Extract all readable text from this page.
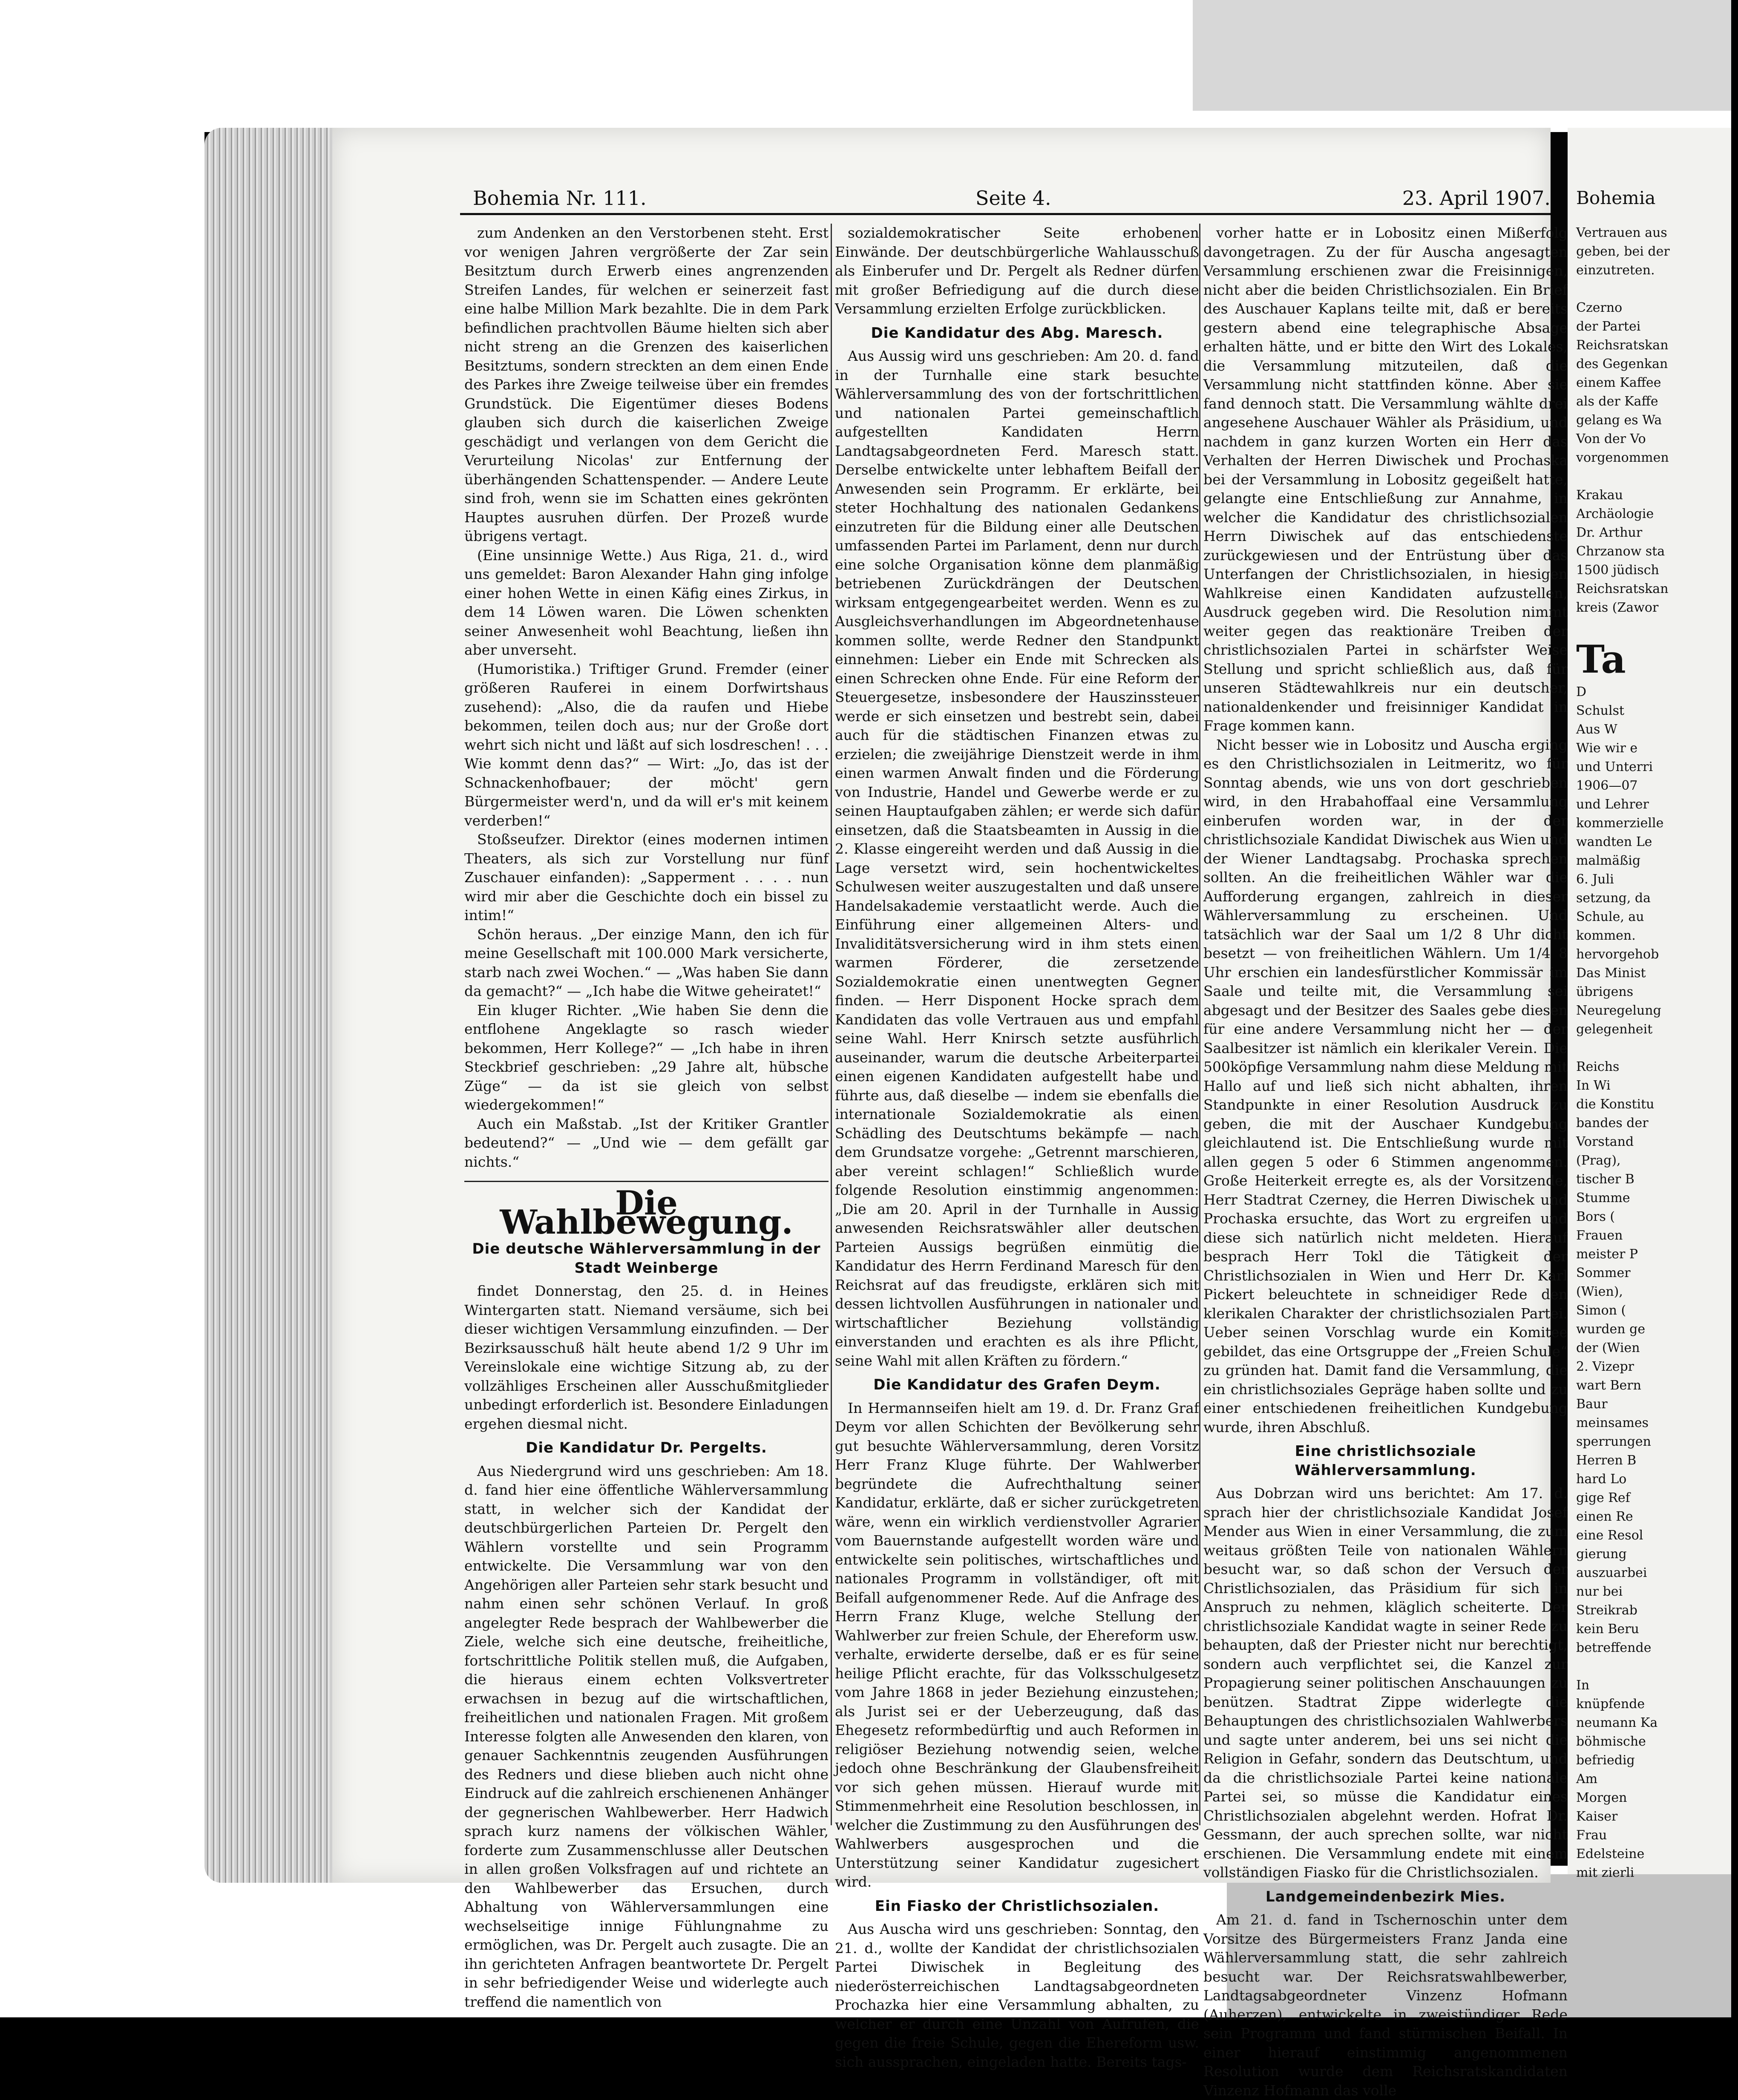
Bohemia Nr. 111.	Seite 4.	23. April 1907.

zum Andenken an den Verstorbenen steht. Erst vor wenigen Jahren vergrößerte der Zar sein Besitztum durch Erwerb eines angrenzenden Streifen Landes, für welchen er seinerzeit fast eine halbe Million Mark bezahlte. Die in dem Park befindlichen prachtvollen Bäume hielten sich aber nicht streng an die Grenzen des kaiserlichen Besitztums, sondern streckten an dem einen Ende des Parkes ihre Zweige teilweise über ein fremdes Grundstück. Die Eigentümer dieses Bodens glauben sich durch die kaiserlichen Zweige geschädigt und verlangen von dem Gericht die Verurteilung Nicolas' zur Entfernung der überhängenden Schattenspender. — Andere Leute sind froh, wenn sie im Schatten eines gekrönten Hauptes ausruhen dürfen. Der Prozeß wurde übrigens vertagt.

(Eine unsinnige Wette.) Aus Riga, 21. d., wird uns gemeldet: Baron Alexander Hahn ging infolge einer hohen Wette in einen Käfig eines Zirkus, in dem 14 Löwen waren. Die Löwen schenkten seiner Anwesenheit wohl Beachtung, ließen ihn aber unverseht.

(Humoristika.) Triftiger Grund. Fremder (einer größeren Rauferei in einem Dorfwirtshaus zusehend): „Also, die da raufen und Hiebe bekommen, teilen doch aus; nur der Große dort wehrt sich nicht und läßt auf sich losdreschen! . . . Wie kommt denn das?“ — Wirt: „Jo, das ist der Schnackenhofbauer; der möcht' gern Bürgermeister werd'n, und da will er's mit keinem verderben!“

Stoßseufzer. Direktor (eines modernen intimen Theaters, als sich zur Vorstellung nur fünf Zuschauer einfanden): „Sapperment . . . . nun wird mir aber die Geschichte doch ein bissel zu intim!“

Schön heraus. „Der einzige Mann, den ich für meine Gesellschaft mit 100.000 Mark versicherte, starb nach zwei Wochen.“ — „Was haben Sie dann da gemacht?“ — „Ich habe die Witwe geheiratet!“

Ein kluger Richter. „Wie haben Sie denn die entflohene Angeklagte so rasch wieder bekommen, Herr Kollege?“ — „Ich habe in ihren Steckbrief geschrieben: „29 Jahre alt, hübsche Züge“ — da ist sie gleich von selbst wiedergekommen!“

Auch ein Maßstab. „Ist der Kritiker Grantler bedeutend?“ — „Und wie — dem gefällt gar nichts.“

Die Wahlbewegung.
Die deutsche Wählerversammlung in der Stadt Weinberge

findet Donnerstag, den 25. d. in Heines Wintergarten statt. Niemand versäume, sich bei dieser wichtigen Versammlung einzufinden. — Der Bezirksausschuß hält heute abend 1/2 9 Uhr im Vereinslokale eine wichtige Sitzung ab, zu der vollzähliges Erscheinen aller Ausschußmitglieder unbedingt erforderlich ist. Besondere Einladungen ergehen diesmal nicht.

Die Kandidatur Dr. Pergelts.

Aus Niedergrund wird uns geschrieben: Am 18. d. fand hier eine öffentliche Wählerversammlung statt, in welcher sich der Kandidat der deutschbürgerlichen Parteien Dr. Pergelt den Wählern vorstellte und sein Programm entwickelte. Die Versammlung war von den Angehörigen aller Parteien sehr stark besucht und nahm einen sehr schönen Verlauf. In groß angelegter Rede besprach der Wahlbewerber die Ziele, welche sich eine deutsche, freiheitliche, fortschrittliche Politik stellen muß, die Aufgaben, die hieraus einem echten Volksvertreter erwachsen in bezug auf die wirtschaftlichen, freiheitlichen und nationalen Fragen. Mit großem Interesse folgten alle Anwesenden den klaren, von genauer Sachkenntnis zeugenden Ausführungen des Redners und diese blieben auch nicht ohne Eindruck auf die zahlreich erschienenen Anhänger der gegnerischen Wahlbewerber. Herr Hadwich sprach kurz namens der völkischen Wähler, forderte zum Zusammenschlusse aller Deutschen in allen großen Volksfragen auf und richtete an den Wahlbewerber das Ersuchen, durch Abhaltung von Wählerversammlungen eine wechselseitige innige Fühlungnahme zu ermöglichen, was Dr. Pergelt auch zusagte. Die an ihn gerichteten Anfragen beantwortete Dr. Pergelt in sehr befriedigender Weise und widerlegte auch treffend die namentlich von

sozialdemokratischer Seite erhobenen Einwände. Der deutschbürgerliche Wahlausschuß als Einberufer und Dr. Pergelt als Redner dürfen mit großer Befriedigung auf die durch diese Versammlung erzielten Erfolge zurückblicken.

Die Kandidatur des Abg. Maresch.

Aus Aussig wird uns geschrieben: Am 20. d. fand in der Turnhalle eine stark besuchte Wählerversammlung des von der fortschrittlichen und nationalen Partei gemeinschaftlich aufgestellten Kandidaten Herrn Landtagsabgeordneten Ferd. Maresch statt. Derselbe entwickelte unter lebhaftem Beifall der Anwesenden sein Programm. Er erklärte, bei steter Hochhaltung des nationalen Gedankens einzutreten für die Bildung einer alle Deutschen umfassenden Partei im Parlament, denn nur durch eine solche Organisation könne dem planmäßig betriebenen Zurückdrängen der Deutschen wirksam entgegengearbeitet werden. Wenn es zu Ausgleichsverhandlungen im Abgeordnetenhause kommen sollte, werde Redner den Standpunkt einnehmen: Lieber ein Ende mit Schrecken als einen Schrecken ohne Ende. Für eine Reform der Steuergesetze, insbesondere der Hauszinssteuer werde er sich einsetzen und bestrebt sein, dabei auch für die städtischen Finanzen etwas zu erzielen; die zweijährige Dienstzeit werde in ihm einen warmen Anwalt finden und die Förderung von Industrie, Handel und Gewerbe werde er zu seinen Hauptaufgaben zählen; er werde sich dafür einsetzen, daß die Staatsbeamten in Aussig in die 2. Klasse eingereiht werden und daß Aussig in die Lage versetzt wird, sein hochentwickeltes Schulwesen weiter auszugestalten und daß unsere Handelsakademie verstaatlicht werde. Auch die Einführung einer allgemeinen Alters- und Invaliditätsversicherung wird in ihm stets einen warmen Förderer, die zersetzende Sozialdemokratie einen unentwegten Gegner finden. — Herr Disponent Hocke sprach dem Kandidaten das volle Vertrauen aus und empfahl seine Wahl. Herr Knirsch setzte ausführlich auseinander, warum die deutsche Arbeiterpartei einen eigenen Kandidaten aufgestellt habe und führte aus, daß dieselbe — indem sie ebenfalls die internationale Sozialdemokratie als einen Schädling des Deutschtums bekämpfe — nach dem Grundsatze vorgehe: „Getrennt marschieren, aber vereint schlagen!“ Schließlich wurde folgende Resolution einstimmig angenommen: „Die am 20. April in der Turnhalle in Aussig anwesenden Reichsratswähler aller deutschen Parteien Aussigs begrüßen einmütig die Kandidatur des Herrn Ferdinand Maresch für den Reichsrat auf das freudigste, erklären sich mit dessen lichtvollen Ausführungen in nationaler und wirtschaftlicher Beziehung vollständig einverstanden und erachten es als ihre Pflicht, seine Wahl mit allen Kräften zu fördern.“

Die Kandidatur des Grafen Deym.

In Hermannseifen hielt am 19. d. Dr. Franz Graf Deym vor allen Schichten der Bevölkerung sehr gut besuchte Wählerversammlung, deren Vorsitz Herr Franz Kluge führte. Der Wahlwerber begründete die Aufrechthaltung seiner Kandidatur, erklärte, daß er sicher zurückgetreten wäre, wenn ein wirklich verdienstvoller Agrarier vom Bauernstande aufgestellt worden wäre und entwickelte sein politisches, wirtschaftliches und nationales Programm in vollständiger, oft mit Beifall aufgenommener Rede. Auf die Anfrage des Herrn Franz Kluge, welche Stellung der Wahlwerber zur freien Schule, der Ehereform usw. verhalte, erwiderte derselbe, daß er es für seine heilige Pflicht erachte, für das Volksschulgesetz vom Jahre 1868 in jeder Beziehung einzustehen; als Jurist sei er der Ueberzeugung, daß das Ehegesetz reformbedürftig und auch Reformen in religiöser Beziehung notwendig seien, welche jedoch ohne Beschränkung der Glaubensfreiheit vor sich gehen müssen. Hierauf wurde mit Stimmenmehrheit eine Resolution beschlossen, in welcher die Zustimmung zu den Ausführungen des Wahlwerbers ausgesprochen und die Unterstützung seiner Kandidatur zugesichert wird.

Ein Fiasko der Christlichsozialen.

Aus Auscha wird uns geschrieben: Sonntag, den 21. d., wollte der Kandidat der christlichsozialen Partei Diwischek in Begleitung des niederösterreichischen Landtagsabgeordneten Prochazka hier eine Versammlung abhalten, zu welcher er durch eine Unzahl von Aufrufen, die gegen die freie Schule, gegen die Ehereform usw. sich aussprachen, eingeladen hatte. Bereits tags-

vorher hatte er in Lobositz einen Mißerfolg davongetragen. Zu der für Auscha angesagten Versammlung erschienen zwar die Freisinnigen, nicht aber die beiden Christlichsozialen. Ein Brief des Auschauer Kaplans teilte mit, daß er bereits gestern abend eine telegraphische Absage erhalten hätte, und er bitte den Wirt des Lokales, die Versammlung mitzuteilen, daß die Versammlung nicht stattfinden könne. Aber sie fand dennoch statt. Die Versammlung wählte drei angesehene Auschauer Wähler als Präsidium, und nachdem in ganz kurzen Worten ein Herr das Verhalten der Herren Diwischek und Prochaska bei der Versammlung in Lobositz gegeißelt hatte, gelangte eine Entschließung zur Annahme, in welcher die Kandidatur des christlichsozialen Herrn Diwischek auf das entschiedenste zurückgewiesen und der Entrüstung über das Unterfangen der Christlichsozialen, in hiesigen Wahlkreise einen Kandidaten aufzustellen, Ausdruck gegeben wird. Die Resolution nimmt weiter gegen das reaktionäre Treiben der christlichsozialen Partei in schärfster Weise Stellung und spricht schließlich aus, daß für unseren Städtewahlkreis nur ein deutscher, nationaldenkender und freisinniger Kandidat in Frage kommen kann.

Nicht besser wie in Lobositz und Auscha erging es den Christlichsozialen in Leitmeritz, wo für Sonntag abends, wie uns von dort geschrieben wird, in den Hrabahoffaal eine Versammlung einberufen worden war, in der der christlichsoziale Kandidat Diwischek aus Wien und der Wiener Landtagsabg. Prochaska sprechen sollten. An die freiheitlichen Wähler war die Aufforderung ergangen, zahlreich in dieser Wählerversammlung zu erscheinen. Und tatsächlich war der Saal um 1/2 8 Uhr dicht besetzt — von freiheitlichen Wählern. Um 1/4 8 Uhr erschien ein landesfürstlicher Kommissär im Saale und teilte mit, die Versammlung sei abgesagt und der Besitzer des Saales gebe diesen für eine andere Versammlung nicht her — der Saalbesitzer ist nämlich ein klerikaler Verein. Die 500köpfige Versammlung nahm diese Meldung mit Hallo auf und ließ sich nicht abhalten, ihren Standpunkte in einer Resolution Ausdruck zu geben, die mit der Auschaer Kundgebung gleichlautend ist. Die Entschließung wurde mit allen gegen 5 oder 6 Stimmen angenommen. Große Heiterkeit erregte es, als der Vorsitzende, Herr Stadtrat Czerney, die Herren Diwischek und Prochaska ersuchte, das Wort zu ergreifen und diese sich natürlich nicht meldeten. Hierauf besprach Herr Tokl die Tätigkeit der Christlichsozialen in Wien und Herr Dr. Karl Pickert beleuchtete in schneidiger Rede den klerikalen Charakter der christlichsozialen Partei. Ueber seinen Vorschlag wurde ein Komitee gebildet, das eine Ortsgruppe der „Freien Schule“ zu gründen hat. Damit fand die Versammlung, die ein christlichsoziales Gepräge haben sollte und zu einer entschiedenen freiheitlichen Kundgebung wurde, ihren Abschluß.

Eine christlichsoziale Wählerversammlung.

Aus Dobrzan wird uns berichtet: Am 17. d. sprach hier der christlichsoziale Kandidat Josef Mender aus Wien in einer Versammlung, die zum weitaus größten Teile von nationalen Wählern besucht war, so daß schon der Versuch der Christlichsozialen, das Präsidium für sich in Anspruch zu nehmen, kläglich scheiterte. Der christlichsoziale Kandidat wagte in seiner Rede zu behaupten, daß der Priester nicht nur berechtigt, sondern auch verpflichtet sei, die Kanzel zur Propagierung seiner politischen Anschauungen zu benützen. Stadtrat Zippe widerlegte die Behauptungen des christlichsozialen Wahlwerbers und sagte unter anderem, bei uns sei nicht die Religion in Gefahr, sondern das Deutschtum, und da die christlichsoziale Partei keine nationale Partei sei, so müsse die Kandidatur eines Christlichsozialen abgelehnt werden. Hofrat Dr. Gessmann, der auch sprechen sollte, war nicht erschienen. Die Versammlung endete mit einem vollständigen Fiasko für die Christlichsozialen.

Landgemeindenbezirk Mies.

Am 21. d. fand in Tschernoschin unter dem Vorsitze des Bürgermeisters Franz Janda eine Wählerversammlung statt, die sehr zahlreich besucht war. Der Reichsratswahlbewerber, Landtagsabgeordneter Vinzenz Hofmann (Auherzen), entwickelte in zweistündiger Rede sein Programm und fand stürmischen Beifall. In einer hierauf einstimmig angenommenen Resolution wurde dem Reichsratskandidaten Vinzenz Hofmann das volle

Bohemia
Vertrauen aus
geben, bei der
einzutreten.

Czerno
der Partei
Reichsratskan
des Gegenkan
einem Kaffee
als der Kaffe
gelang es Wa
Von der Vo
vorgenommen

Krakau
Archäologie
Dr. Arthur
Chrzanow sta
1500 jüdisch
Reichsratskan
kreis (Zawor

Ta
D
Schulst
Aus W
Wie wir e
und Unterri
1906—07
und Lehrer
kommerzielle
wandten Le
malmäßig
6. Juli
setzung, da
Schule, au
kommen.
hervorgehob
Das Minist
übrigens
Neuregelung
gelegenheit

Reichs
In Wi
die Konstitu
bandes der
Vorstand
(Prag),
tischer B
Stumme
Bors (
Frauen
meister P
Sommer
(Wien),
Simon (
wurden ge
der (Wien
2. Vizepr
wart Bern
Baur
meinsames
sperrungen
Herren B
hard Lo
gige Ref
einen Re
eine Resol
gierung
auszuarbei
nur bei
Streikrab
kein Beru
betreffende

In
knüpfende
neumann Ka
böhmische
befriedig
Am
Morgen
Kaiser
Frau
Edelsteine
mit zierli
